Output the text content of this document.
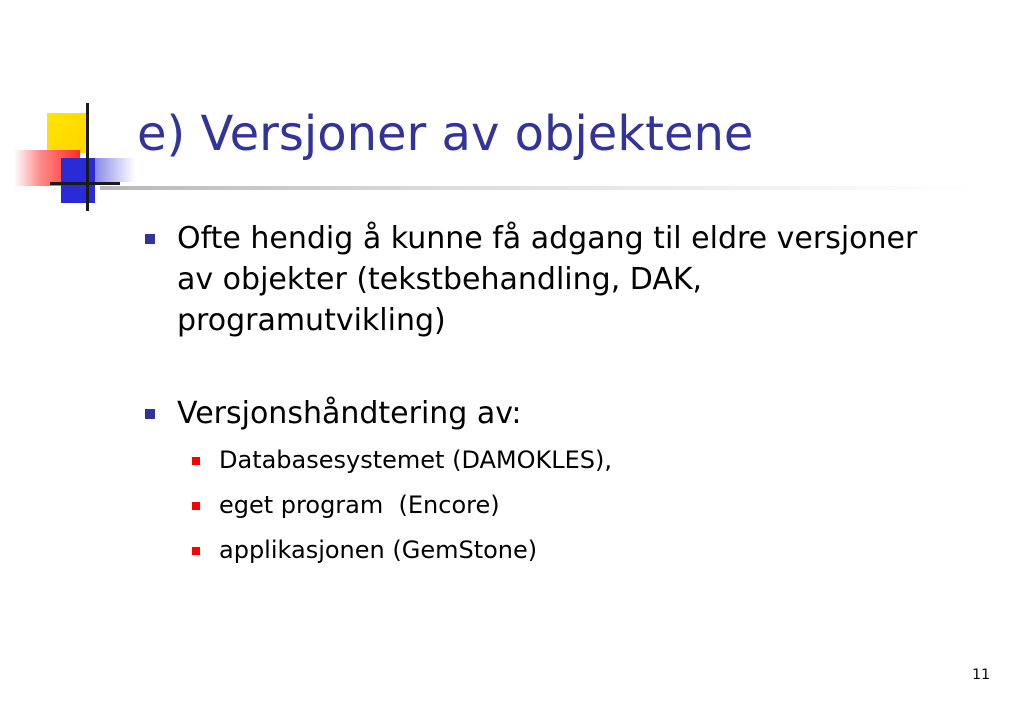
e) Versjoner av objektene
Ofte hendig å kunne få adgang til eldre versjoner
av objekter (tekstbehandling, DAK,
programutvikling)
Versjonshåndtering av:
Databasesystemet (DAMOKLES),
eget program  (Encore)
applikasjonen (GemStone)
11
